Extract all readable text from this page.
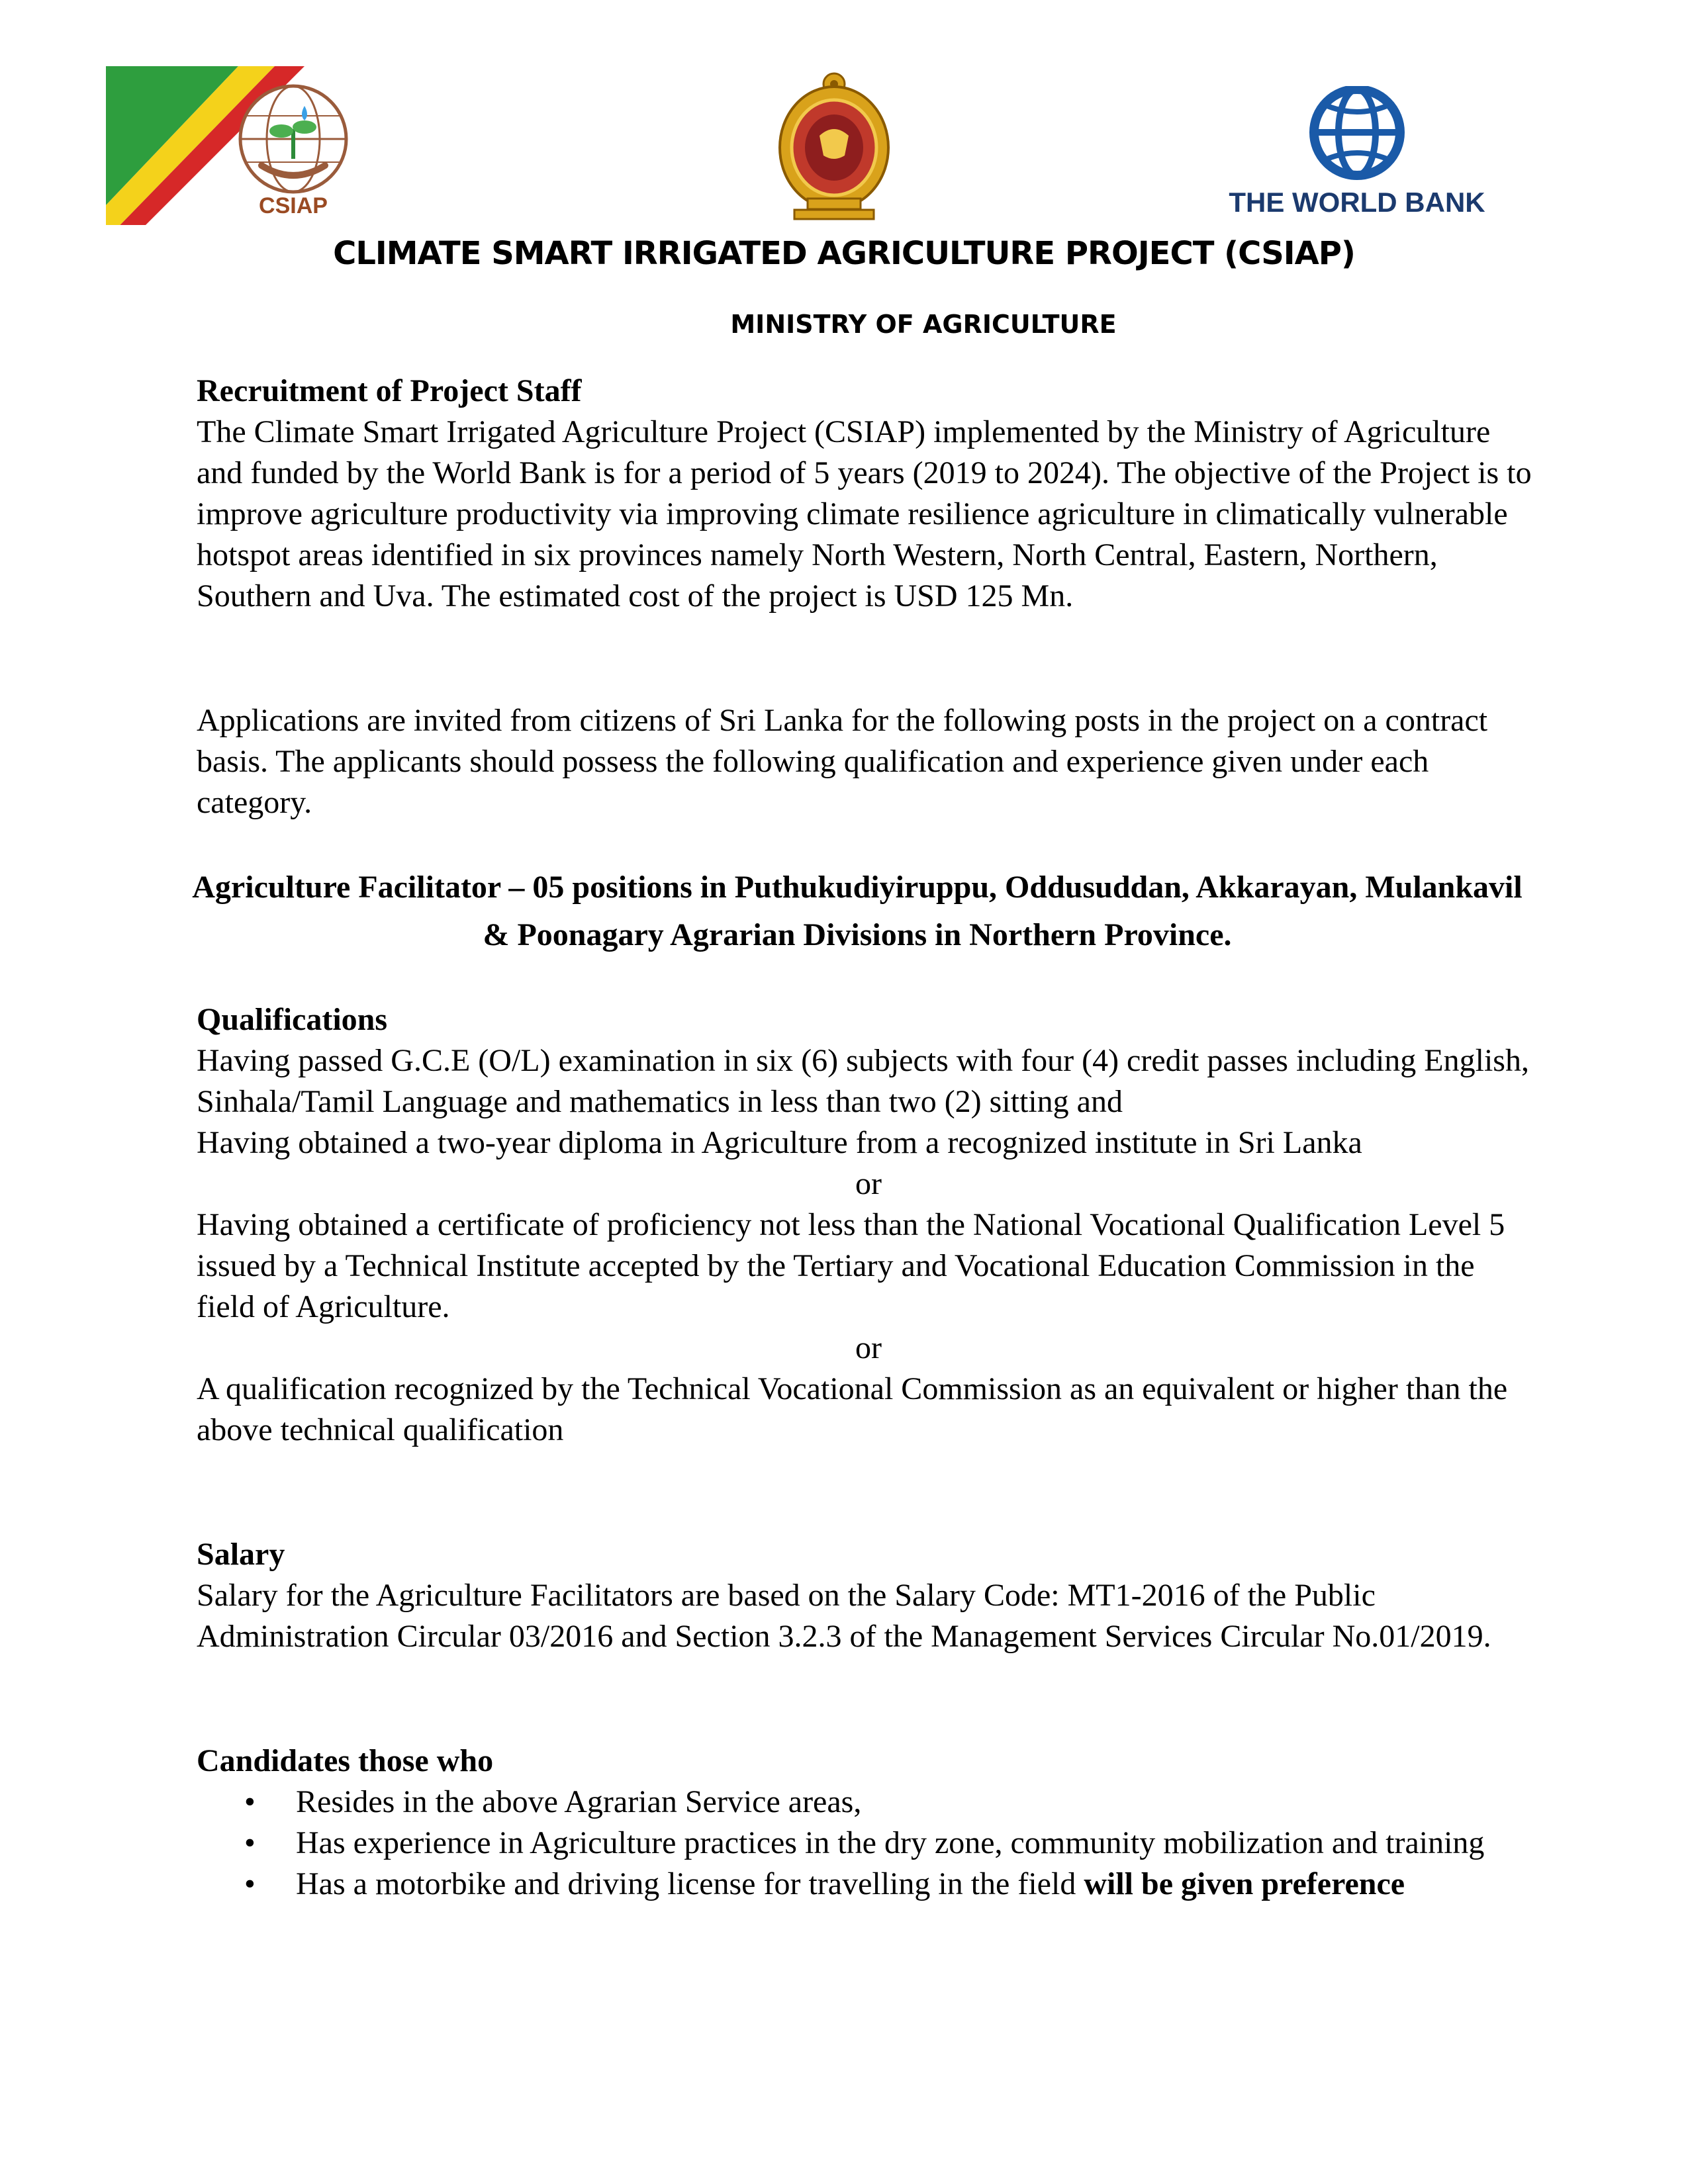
CSIAP	THE WORLD BANK
CLIMATE SMART IRRIGATED AGRICULTURE PROJECT (CSIAP)
MINISTRY OF AGRICULTURE

Recruitment of Project Staff

The Climate Smart Irrigated Agriculture Project (CSIAP) implemented by the Ministry of Agriculture and funded by the World Bank is for a period of 5 years (2019 to 2024). The objective of the Project is to improve agriculture productivity via improving climate resilience agriculture in climatically vulnerable hotspot areas identified in six provinces namely North Western, North Central, Eastern, Northern, Southern and Uva. The estimated cost of the project is USD 125 Mn.

Applications are invited from citizens of Sri Lanka for the following posts in the project on a contract basis. The applicants should possess the following qualification and experience given under each category.

Agriculture Facilitator – 05 positions in Puthukudiyiruppu, Oddusuddan, Akkarayan, Mulankavil & Poonagary Agrarian Divisions in Northern Province.

Qualifications

Having passed G.C.E (O/L) examination in six (6) subjects with four (4) credit passes including English, Sinhala/Tamil Language and mathematics in less than two (2) sitting and

Having obtained a two-year diploma in Agriculture from a recognized institute in Sri Lanka

or

Having obtained a certificate of proficiency not less than the National Vocational Qualification Level 5 issued by a Technical Institute accepted by the Tertiary and Vocational Education Commission in the field of Agriculture.

or

A qualification recognized by the Technical Vocational Commission as an equivalent or higher than the above technical qualification

Salary

Salary for the Agriculture Facilitators are based on the Salary Code: MT1-2016 of the Public Administration Circular 03/2016 and Section 3.2.3 of the Management Services Circular No.01/2019.

Candidates those who

• Resides in the above Agrarian Service areas,
• Has experience in Agriculture practices in the dry zone, community mobilization and training
• Has a motorbike and driving license for travelling in the field will be given preference
